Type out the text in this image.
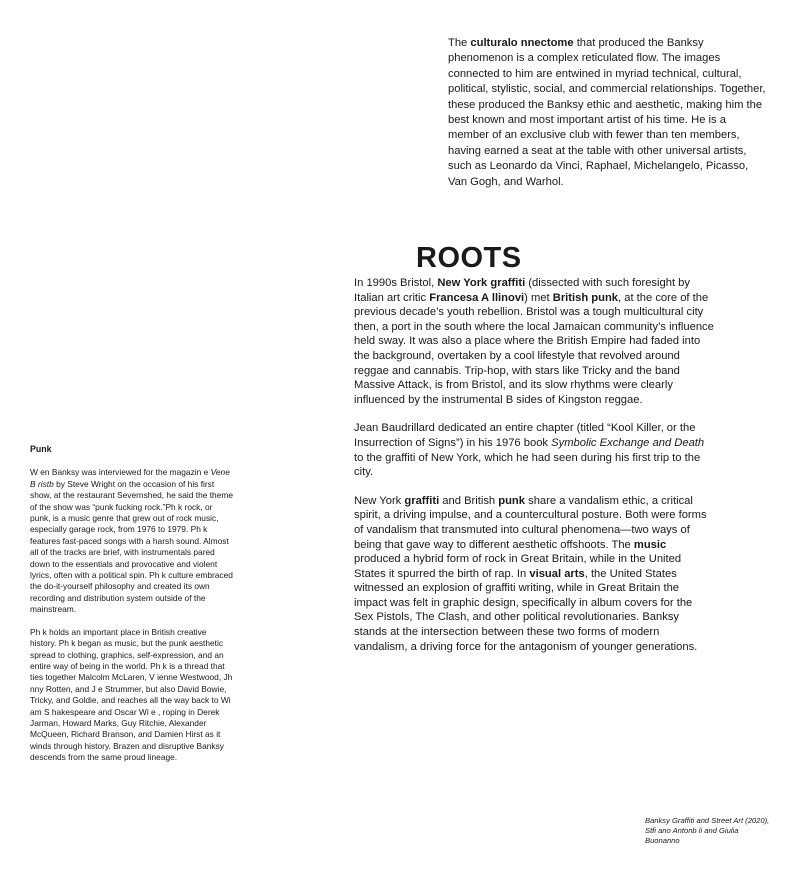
The culturalo nnectome that produced the Banksy phenomenon is a complex reticulated flow. The images connected to him are entwined in myriad technical, cultural, political, stylistic, social, and commercial relationships. Together, these produced the Banksy ethic and aesthetic, making him the best known and most important artist of his time. He is a member of an exclusive club with fewer than ten members, having earned a seat at the table with other universal artists, such as Leonardo da Vinci, Raphael, Michelangelo, Picasso, Van Gogh, and Warhol.

ROOTS

In 1990s Bristol, New York graffiti (dissected with such foresight by Italian art critic Francesa A llinovi) met British punk, at the core of the previous decade’s youth rebellion. Bristol was a tough multicultural city then, a port in the south where the local Jamaican community’s influence held sway. It was also a place where the British Empire had faded into the background, overtaken by a cool lifestyle that revolved around reggae and cannabis. Trip-hop, with stars like Tricky and the band Massive Attack, is from Bristol, and its slow rhythms were clearly influenced by the instrumental B sides of Kingston reggae.

Jean Baudrillard dedicated an entire chapter (titled “Kool Killer, or the Insurrection of Signs”) in his 1976 book Symbolic Exchange and Death to the graffiti of New York, which he had seen during his first trip to the city.

New York graffiti and British punk share a vandalism ethic, a critical spirit, a driving impulse, and a countercultural posture. Both were forms of vandalism that transmuted into cultural phenomena—two ways of being that gave way to different aesthetic offshoots. The music produced a hybrid form of rock in Great Britain, while in the United States it spurred the birth of rap. In visual arts, the United States witnessed an explosion of graffiti writing, while in Great Britain the impact was felt in graphic design, specifically in album covers for the Sex Pistols, The Clash, and other political revolutionaries. Banksy stands at the intersection between these two forms of modern vandalism, a driving force for the antagonism of younger generations.

Punk

W en Banksy was interviewed for the magazin e Vene B ristb by Steve Wright on the occasion of his first show, at the restaurant Severnshed, he said the theme of the show was “punk fucking rock.”Ph k rock, or punk, is a music genre that grew out of rock music, especially garage rock, from 1976 to 1979. Ph k features fast-paced songs with a harsh sound. Almost all of the tracks are brief, with instrumentals pared down to the essentials and provocative and violent lyrics, often with a political spin. Ph k culture embraced the do-it-yourself philosophy and created its own recording and distribution system outside of the mainstream.

Ph k holds an important place in British creative history. Ph k began as music, but the punk aesthetic spread to clothing, graphics, self-expression, and an entire way of being in the world. Ph k is a thread that ties together Malcolm McLaren, V ienne Westwood, Jh nny Rotten, and J e Strummer, but also David Bowie, Tricky, and Goldie, and reaches all the way back to Wi am S hakespeare and Oscar Wi e , roping in Derek Jarman, Howard Marks, Guy Ritchie, Alexander McQueen, Richard Branson, and Damien Hirst as it winds through history. Brazen and disruptive Banksy descends from the same proud lineage.

Banksy Graffiti and Street Art (2020), Stfi ano Antonb li and Giulia Buonanno
